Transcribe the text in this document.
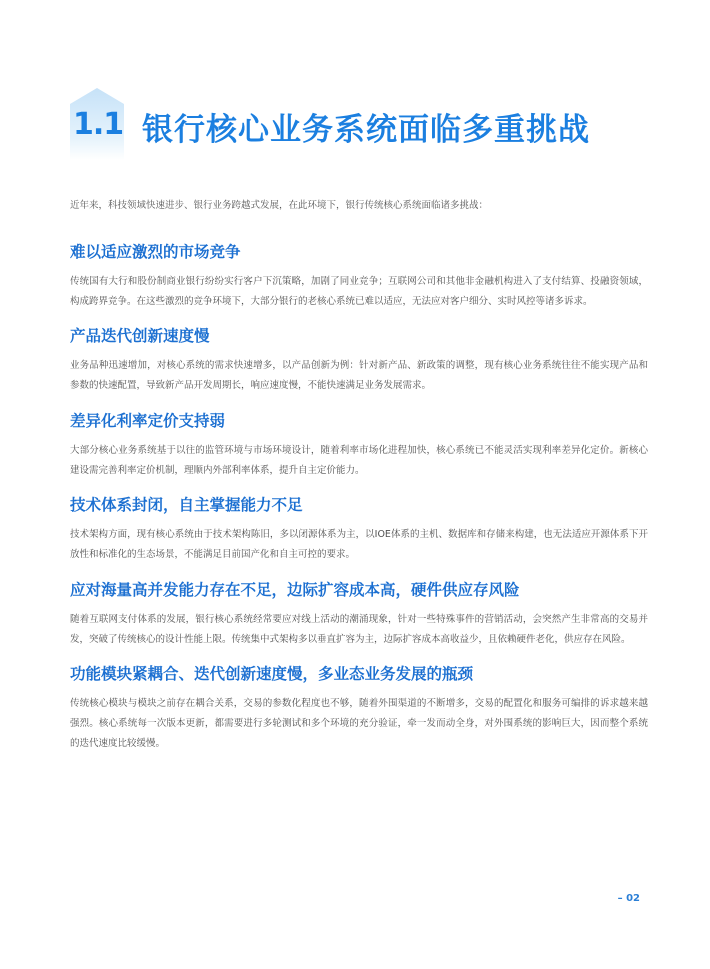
1.1 银行核心业务系统面临多重挑战
近年来，科技领域快速进步、银行业务跨越式发展，在此环境下，银行传统核心系统面临诸多挑战：
难以适应激烈的市场竞争

传统国有大行和股份制商业银行纷纷实行客户下沉策略，加剧了同业竞争；互联网公司和其他非金融机构进入了支付结算、投融资领域，构成跨界竞争。在这些激烈的竞争环境下，大部分银行的老核心系统已难以适应，无法应对客户细分、实时风控等诸多诉求。

产品迭代创新速度慢

业务品种迅速增加，对核心系统的需求快速增多，以产品创新为例：针对新产品、新政策的调整，现有核心业务系统往往不能实现产品和参数的快速配置，导致新产品开发周期长，响应速度慢，不能快速满足业务发展需求。

差异化利率定价支持弱

大部分核心业务系统基于以往的监管环境与市场环境设计，随着利率市场化进程加快，核心系统已不能灵活实现利率差异化定价。新核心建设需完善利率定价机制，理顺内外部利率体系，提升自主定价能力。

技术体系封闭，自主掌握能力不足

技术架构方面，现有核心系统由于技术架构陈旧，多以闭源体系为主，以IOE体系的主机、数据库和存储来构建，也无法适应开源体系下开放性和标准化的生态场景，不能满足目前国产化和自主可控的要求。

应对海量高并发能力存在不足，边际扩容成本高，硬件供应存风险

随着互联网支付体系的发展，银行核心系统经常要应对线上活动的潮涌现象，针对一些特殊事件的营销活动，会突然产生非常高的交易并发，突破了传统核心的设计性能上限。传统集中式架构多以垂直扩容为主，边际扩容成本高收益少，且依赖硬件老化，供应存在风险。

功能模块紧耦合、迭代创新速度慢，多业态业务发展的瓶颈

传统核心模块与模块之前存在耦合关系，交易的参数化程度也不够，随着外围渠道的不断增多，交易的配置化和服务可编排的诉求越来越强烈。核心系统每一次版本更新，都需要进行多轮测试和多个环境的充分验证，牵一发而动全身，对外围系统的影响巨大，因而整个系统的迭代速度比较缓慢。

– 02
